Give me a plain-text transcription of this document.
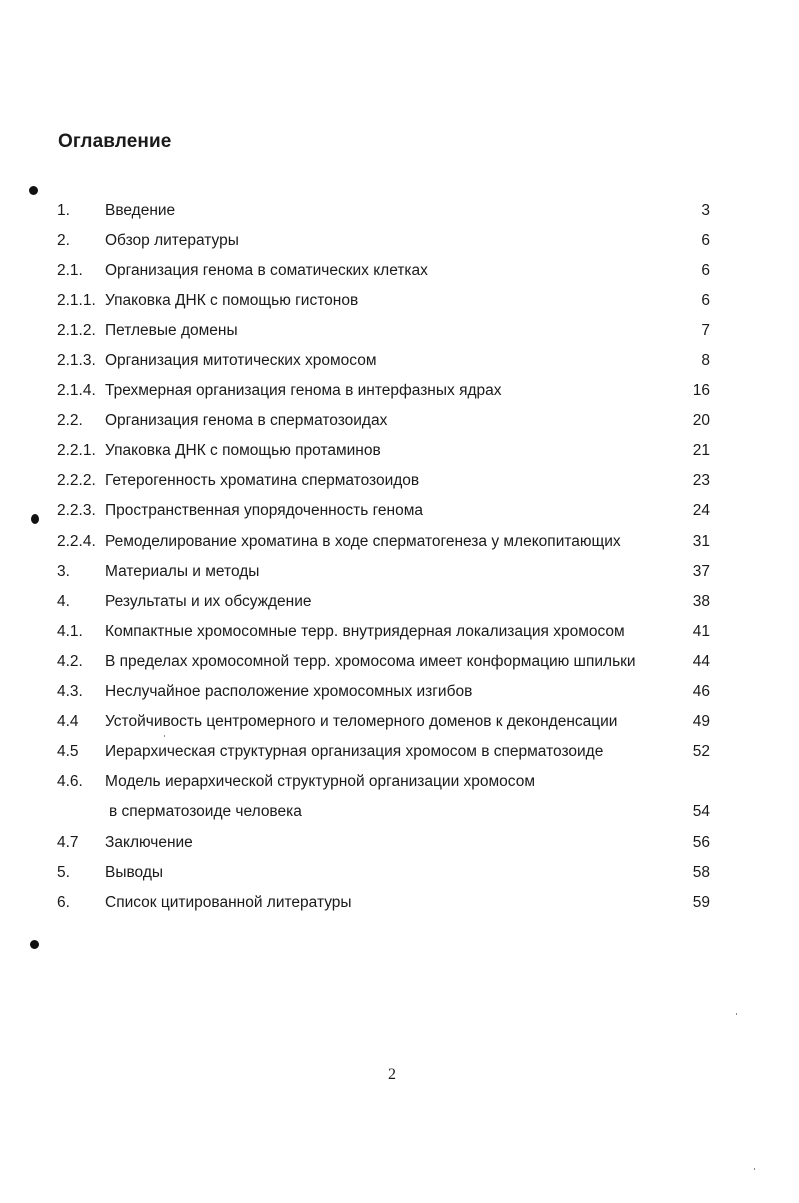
Оглавление
1. Введение	3
2. Обзор литературы	6
2.1. Организация генома в соматических клетках	6
2.1.1. Упаковка ДНК с помощью гистонов	6
2.1.2. Петлевые домены	7
2.1.3. Организация митотических хромосом	8
2.1.4. Трехмерная организация генома в интерфазных ядрах	16
2.2. Организация генома в сперматозоидах	20
2.2.1. Упаковка ДНК с помощью протаминов	21
2.2.2. Гетерогенность хроматина сперматозоидов	23
2.2.3. Пространственная упорядоченность генома	24
2.2.4. Ремоделирование хроматина в ходе сперматогенеза у млекопитающих	31
3. Материалы и методы	37
4. Результаты и их обсуждение	38
4.1. Компактные хромосомные терр. внутриядерная локализация хромосом	41
4.2. В пределах хромосомной терр. хромосома имеет конформацию шпильки	44
4.3. Неслучайное расположение хромосомных изгибов	46
4.4 Устойчивость центромерного и теломерного доменов к деконденсации	49
4.5 Иерархическая структурная организация хромосом в сперматозоиде	52
4.6. Модель иерархической структурной организации хромосом
в сперматозоиде человека	54
4.7 Заключение	56
5. Выводы	58
6. Список цитированной литературы	59
2
